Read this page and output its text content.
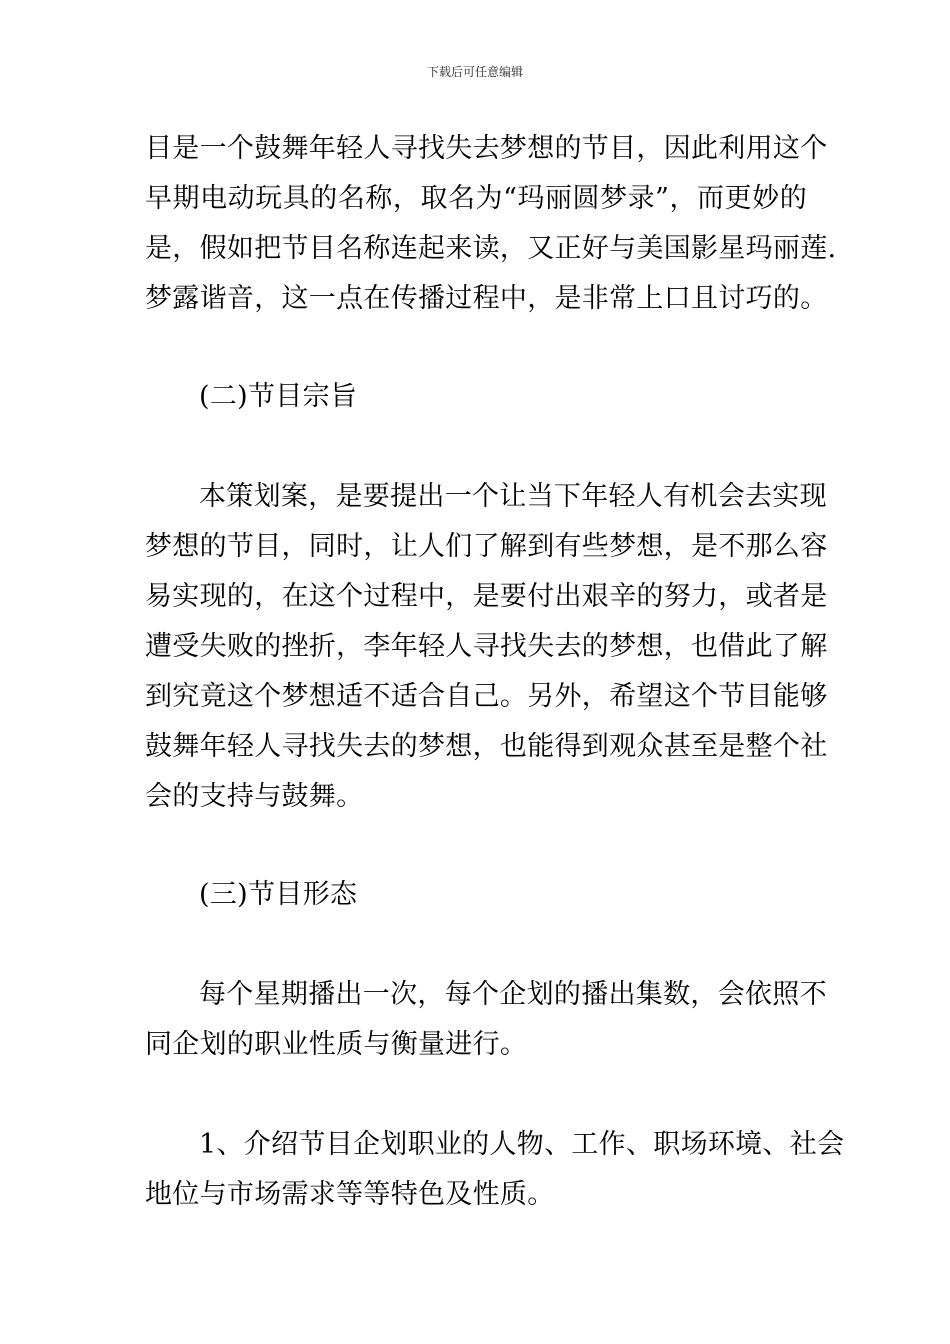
下载后可任意编辑
目是一个鼓舞年轻人寻找失去梦想的节目，因此利用这个
早期电动玩具的名称，取名为“玛丽圆梦录”，而更妙的
是，假如把节目名称连起来读，又正好与美国影星玛丽莲.
梦露谐音，这一点在传播过程中，是非常上口且讨巧的。
(二)节目宗旨
本策划案，是要提出一个让当下年轻人有机会去实现
梦想的节目，同时，让人们了解到有些梦想，是不那么容
易实现的，在这个过程中，是要付出艰辛的努力，或者是
遭受失败的挫折，李年轻人寻找失去的梦想，也借此了解
到究竟这个梦想适不适合自己。另外，希望这个节目能够
鼓舞年轻人寻找失去的梦想，也能得到观众甚至是整个社
会的支持与鼓舞。
(三)节目形态
每个星期播出一次，每个企划的播出集数，会依照不
同企划的职业性质与衡量进行。
1、介绍节目企划职业的人物、工作、职场环境、社会
地位与市场需求等等特色及性质。
